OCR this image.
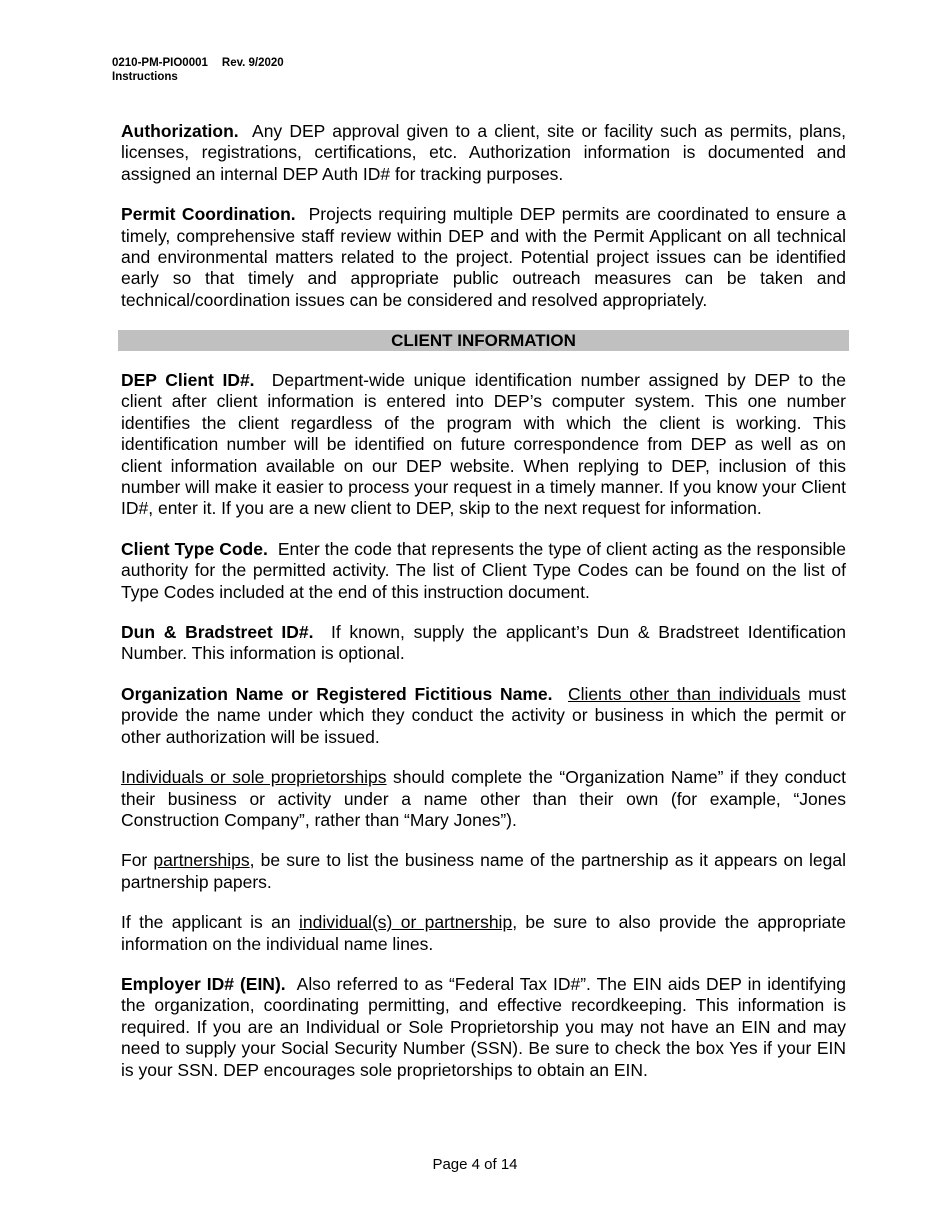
0210-PM-PIO0001 Rev. 9/2020
Instructions

Authorization. Any DEP approval given to a client, site or facility such as permits, plans, licenses, registrations, certifications, etc. Authorization information is documented and assigned an internal DEP Auth ID# for tracking purposes.

Permit Coordination. Projects requiring multiple DEP permits are coordinated to ensure a timely, comprehensive staff review within DEP and with the Permit Applicant on all technical and environmental matters related to the project. Potential project issues can be identified early so that timely and appropriate public outreach measures can be taken and technical/coordination issues can be considered and resolved appropriately.

CLIENT INFORMATION

DEP Client ID#. Department-wide unique identification number assigned by DEP to the client after client information is entered into DEP’s computer system. This one number identifies the client regardless of the program with which the client is working. This identification number will be identified on future correspondence from DEP as well as on client information available on our DEP website. When replying to DEP, inclusion of this number will make it easier to process your request in a timely manner. If you know your Client ID#, enter it. If you are a new client to DEP, skip to the next request for information.

Client Type Code. Enter the code that represents the type of client acting as the responsible authority for the permitted activity. The list of Client Type Codes can be found on the list of Type Codes included at the end of this instruction document.

Dun & Bradstreet ID#. If known, supply the applicant’s Dun & Bradstreet Identification Number. This information is optional.

Organization Name or Registered Fictitious Name. Clients other than individuals must provide the name under which they conduct the activity or business in which the permit or other authorization will be issued.

Individuals or sole proprietorships should complete the “Organization Name” if they conduct their business or activity under a name other than their own (for example, “Jones Construction Company”, rather than “Mary Jones”).

For partnerships, be sure to list the business name of the partnership as it appears on legal partnership papers.

If the applicant is an individual(s) or partnership, be sure to also provide the appropriate information on the individual name lines.

Employer ID# (EIN). Also referred to as “Federal Tax ID#”. The EIN aids DEP in identifying the organization, coordinating permitting, and effective recordkeeping. This information is required. If you are an Individual or Sole Proprietorship you may not have an EIN and may need to supply your Social Security Number (SSN). Be sure to check the box Yes if your EIN is your SSN. DEP encourages sole proprietorships to obtain an EIN.

Page 4 of 14
